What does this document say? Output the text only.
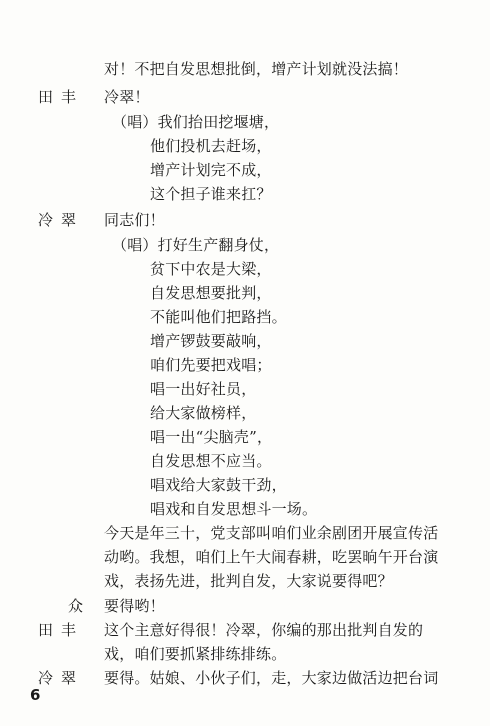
对！不把自发思想批倒，增产计划就没法搞！
田丰 冷翠！
（唱）我们抬田挖堰塘，
他们投机去赶场，
增产计划完不成，
这个担子谁来扛？
冷翠 同志们！
（唱）打好生产翻身仗，
贫下中农是大梁，
自发思想要批判，
不能叫他们把路挡。
增产锣鼓要敲响，
咱们先要把戏唱；
唱一出好社员，
给大家做榜样，
唱一出“尖脑壳”，
自发思想不应当。
唱戏给大家鼓干劲，
唱戏和自发思想斗一场。
今天是年三十，党支部叫咱们业余剧团开展宣传活
动哟。我想，咱们上午大闹春耕，吃罢晌午开台演
戏，表扬先进，批判自发，大家说要得吧？
众 要得哟！
田丰 这个主意好得很！冷翠，你编的那出批判自发的
戏，咱们要抓紧排练排练。
冷翠 要得。姑娘、小伙子们，走，大家边做活边把台词
6
